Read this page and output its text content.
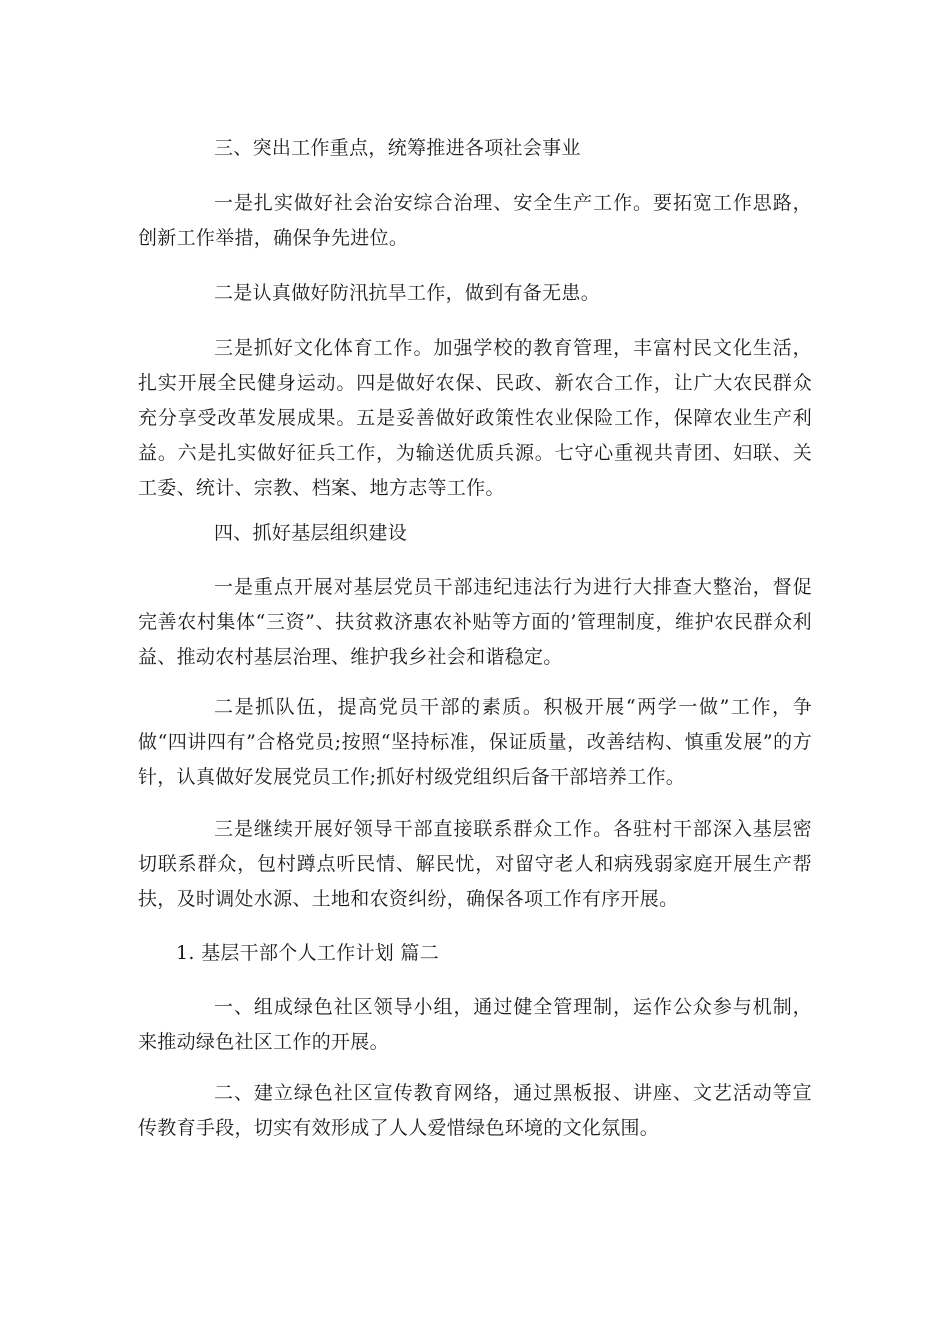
三、突出工作重点，统筹推进各项社会事业

一是扎实做好社会治安综合治理、安全生产工作。要拓宽工作思路，创新工作举措，确保争先进位。

二是认真做好防汛抗旱工作，做到有备无患。

三是抓好文化体育工作。加强学校的教育管理，丰富村民文化生活，扎实开展全民健身运动。四是做好农保、民政、新农合工作，让广大农民群众充分享受改革发展成果。五是妥善做好政策性农业保险工作，保障农业生产利益。六是扎实做好征兵工作，为输送优质兵源。七守心重视共青团、妇联、关工委、统计、宗教、档案、地方志等工作。

四、抓好基层组织建设

一是重点开展对基层党员干部违纪违法行为进行大排查大整治，督促完善农村集体“三资”、扶贫救济惠农补贴等方面的’管理制度，维护农民群众利益、推动农村基层治理、维护我乡社会和谐稳定。

二是抓队伍，提高党员干部的素质。积极开展“两学一做”工作，争做“四讲四有”合格党员;按照“坚持标准，保证质量，改善结构、慎重发展”的方针，认真做好发展党员工作;抓好村级党组织后备干部培养工作。

三是继续开展好领导干部直接联系群众工作。各驻村干部深入基层密切联系群众，包村蹲点听民情、解民忧，对留守老人和病残弱家庭开展生产帮扶，及时调处水源、土地和农资纠纷，确保各项工作有序开展。

1. 基层干部个人工作计划 篇二

一、组成绿色社区领导小组，通过健全管理制，运作公众参与机制，来推动绿色社区工作的开展。

二、建立绿色社区宣传教育网络，通过黑板报、讲座、文艺活动等宣传教育手段，切实有效形成了人人爱惜绿色环境的文化氛围。
